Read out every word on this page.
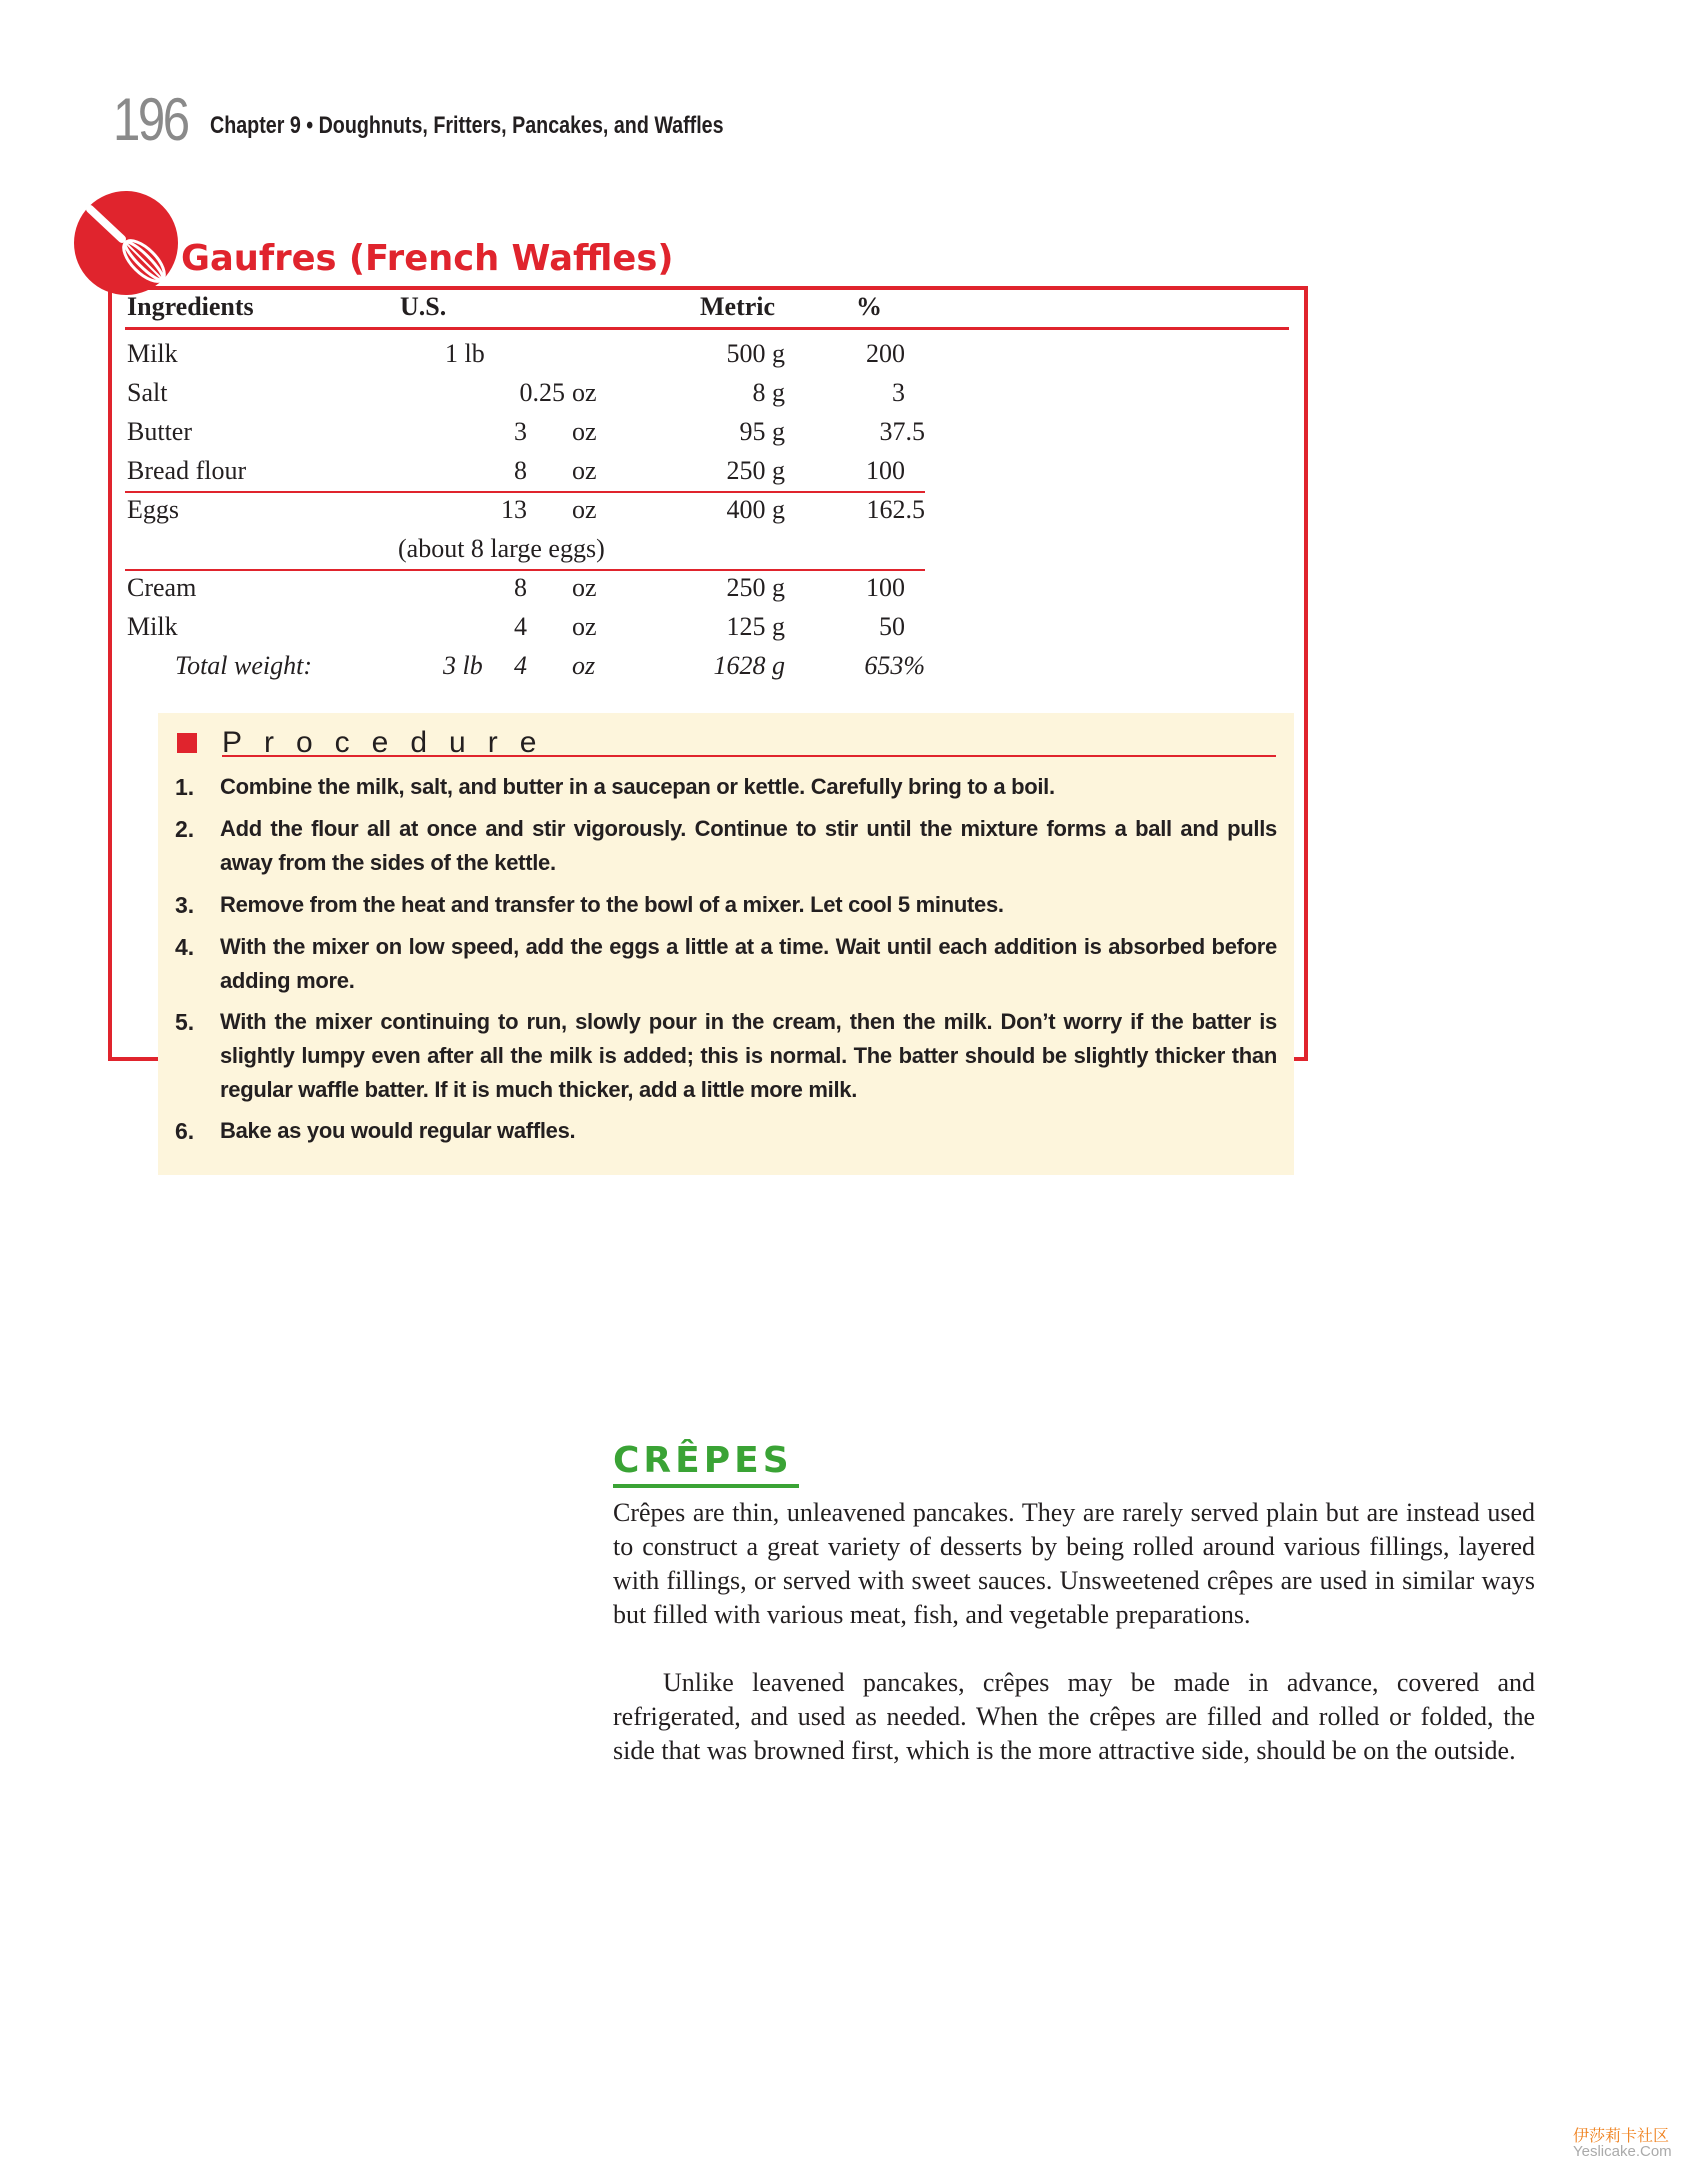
196 Chapter 9 • Doughnuts, Fritters, Pancakes, and Waffles
Gaufres (French Waffles)
Ingredients	U.S.	Metric	%
Milk	1 lb	500 g	200
Salt	0.25 oz	8 g	3
Butter	3 oz	95 g	37.5
Bread flour	8 oz	250 g	100
Eggs	13 oz	400 g	162.5
(about 8 large eggs)
Cream	8 oz	250 g	100
Milk	4 oz	125 g	50
Total weight:	3 lb	4 oz	1628 g	653%
Procedure
1. Combine the milk, salt, and butter in a saucepan or kettle. Carefully bring to a boil.
2. Add the flour all at once and stir vigorously. Continue to stir until the mixture forms a ball and pulls away from the sides of the kettle.
3. Remove from the heat and transfer to the bowl of a mixer. Let cool 5 minutes.
4. With the mixer on low speed, add the eggs a little at a time. Wait until each addition is absorbed before adding more.
5. With the mixer continuing to run, slowly pour in the cream, then the milk. Don’t worry if the batter is slightly lumpy even after all the milk is added; this is normal. The batter should be slightly thicker than regular waffle batter. If it is much thicker, add a little more milk.
6. Bake as you would regular waffles.
CRÊPES
Crêpes are thin, unleavened pancakes. They are rarely served plain but are instead used to construct a great variety of desserts by being rolled around various fillings, layered with fillings, or served with sweet sauces. Unsweetened crêpes are used in similar ways but filled with various meat, fish, and vegetable preparations.
Unlike leavened pancakes, crêpes may be made in advance, covered and refrigerated, and used as needed. When the crêpes are filled and rolled or folded, the side that was browned first, which is the more attractive side, should be on the outside.
伊莎莉卡社区
Yeslicake.Com
